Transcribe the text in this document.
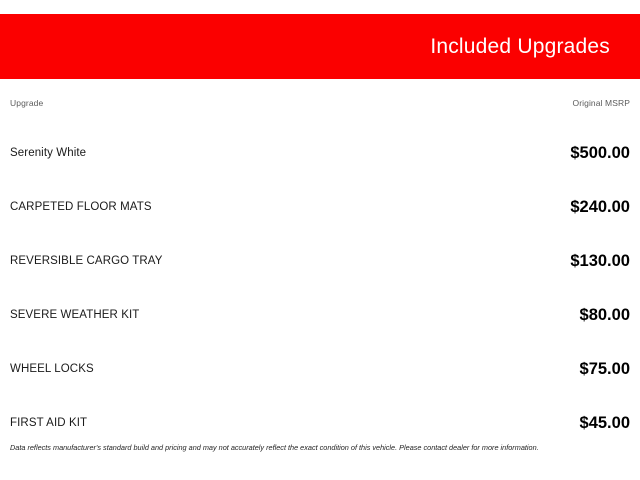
Included Upgrades
Upgrade	Original MSRP
Serenity White	$500.00
CARPETED FLOOR MATS	$240.00
REVERSIBLE CARGO TRAY	$130.00
SEVERE WEATHER KIT	$80.00
WHEEL LOCKS	$75.00
FIRST AID KIT	$45.00
Data reflects manufacturer's standard build and pricing and may not accurately reflect the exact condition of this vehicle. Please contact dealer for more information.
